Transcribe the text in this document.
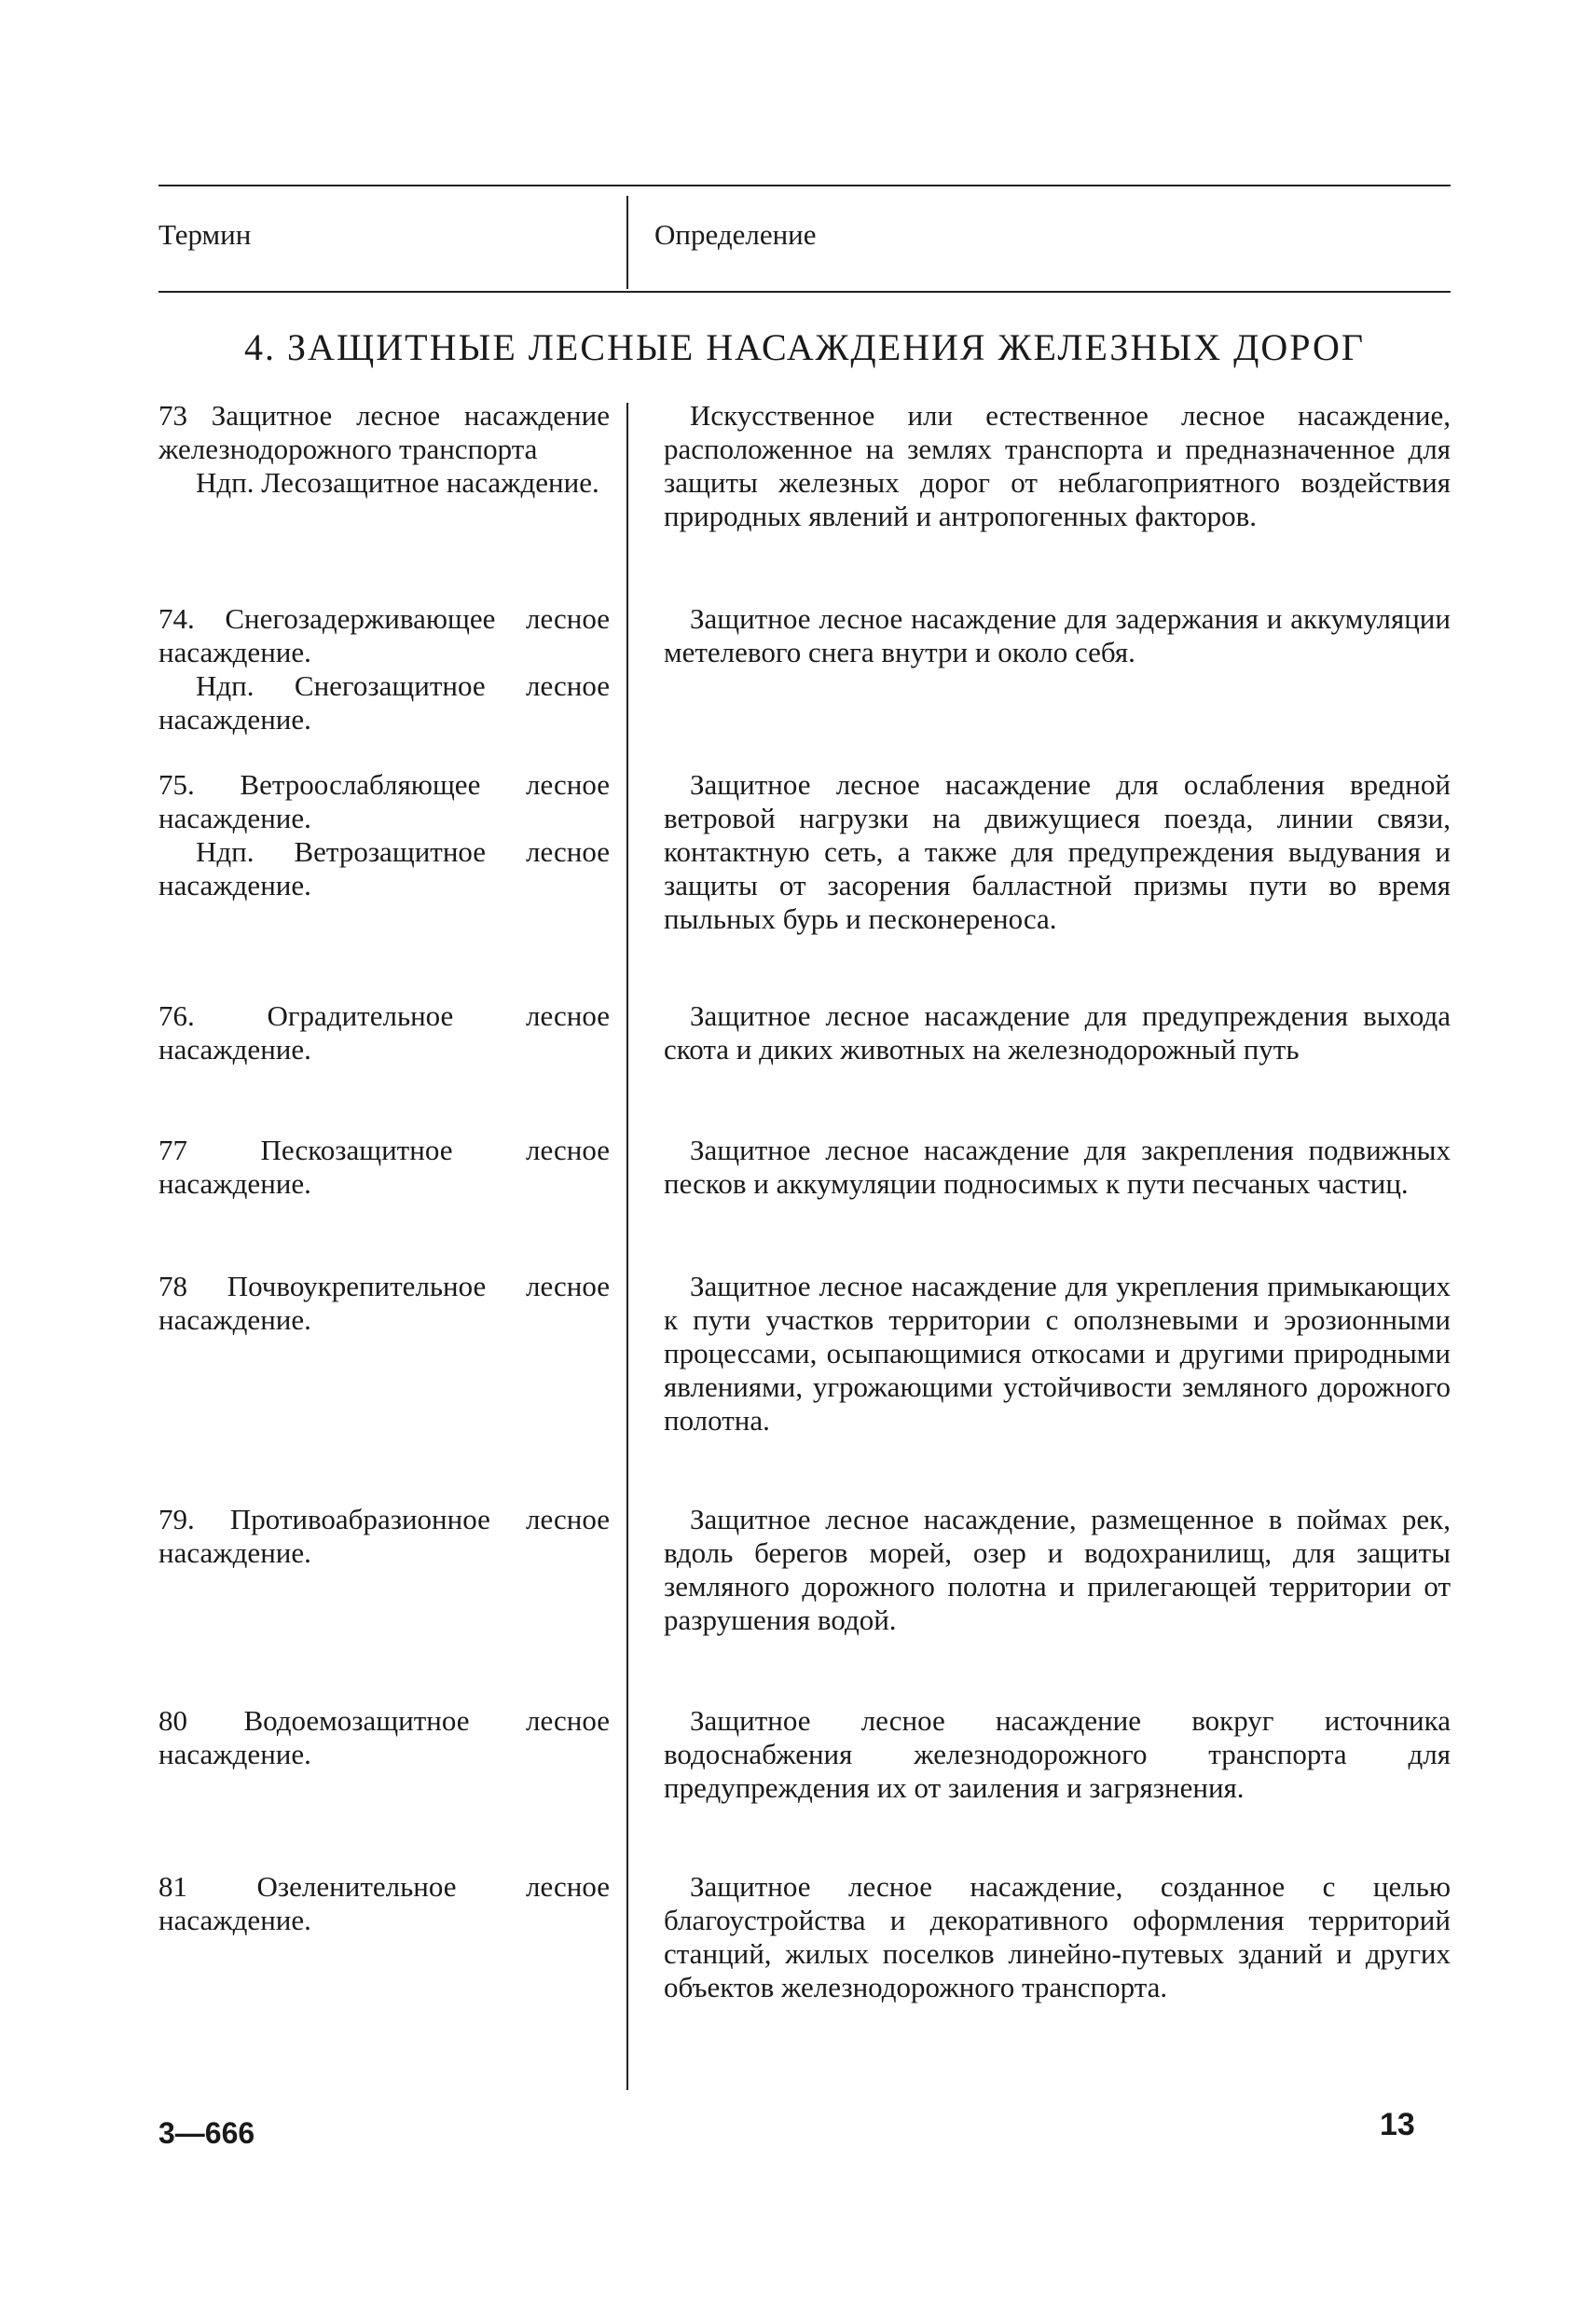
Термин	Определение
4. ЗАЩИТНЫЕ ЛЕСНЫЕ НАСАЖДЕНИЯ ЖЕЛЕЗНЫХ ДОРОГ
73 Защитное лесное насаждение железнодорожного транспорта
Ндп. Лесозащитное насаждение.
Искусственное или естественное лесное насаждение, расположенное на землях транспорта и предназначенное для защиты железных дорог от неблагоприятного воздействия природных явлений и антропогенных факторов.
74. Снегозадерживающее лесное насаждение.
Ндп. Снегозащитное лесное насаждение.
Защитное лесное насаждение для задержания и аккумуляции метелевого снега внутри и около себя.
75. Ветроослабляющее лесное насаждение.
Ндп. Ветрозащитное лесное насаждение.
Защитное лесное насаждение для ослабления вредной ветровой нагрузки на движущиеся поезда, линии связи, контактную сеть, а также для предупреждения выдувания и защиты от засорения балластной призмы пути во время пыльных бурь и песконереноса.
76. Оградительное лесное насаждение.
Защитное лесное насаждение для предупреждения выхода скота и диких животных на железнодорожный путь
77 Пескозащитное лесное насаждение.
Защитное лесное насаждение для закрепления подвижных песков и аккумуляции подносимых к пути песчаных частиц.
78 Почвоукрепительное лесное насаждение.
Защитное лесное насаждение для укрепления примыкающих к пути участков территории с оползневыми и эрозионными процессами, осыпающимися откосами и другими природными явлениями, угрожающими устойчивости земляного дорожного полотна.
79. Противоабразионное лесное насаждение.
Защитное лесное насаждение, размещенное в поймах рек, вдоль берегов морей, озер и водохранилищ, для защиты земляного дорожного полотна и прилегающей территории от разрушения водой.
80 Водоемозащитное лесное насаждение.
Защитное лесное насаждение вокруг источника водоснабжения железнодорожного транспорта для предупреждения их от заиления и загрязнения.
81 Озеленительное лесное насаждение.
Защитное лесное насаждение, созданное с целью благоустройства и декоративного оформления территорий станций, жилых поселков линейно-путевых зданий и других объектов железнодорожного транспорта.
3—666	13
